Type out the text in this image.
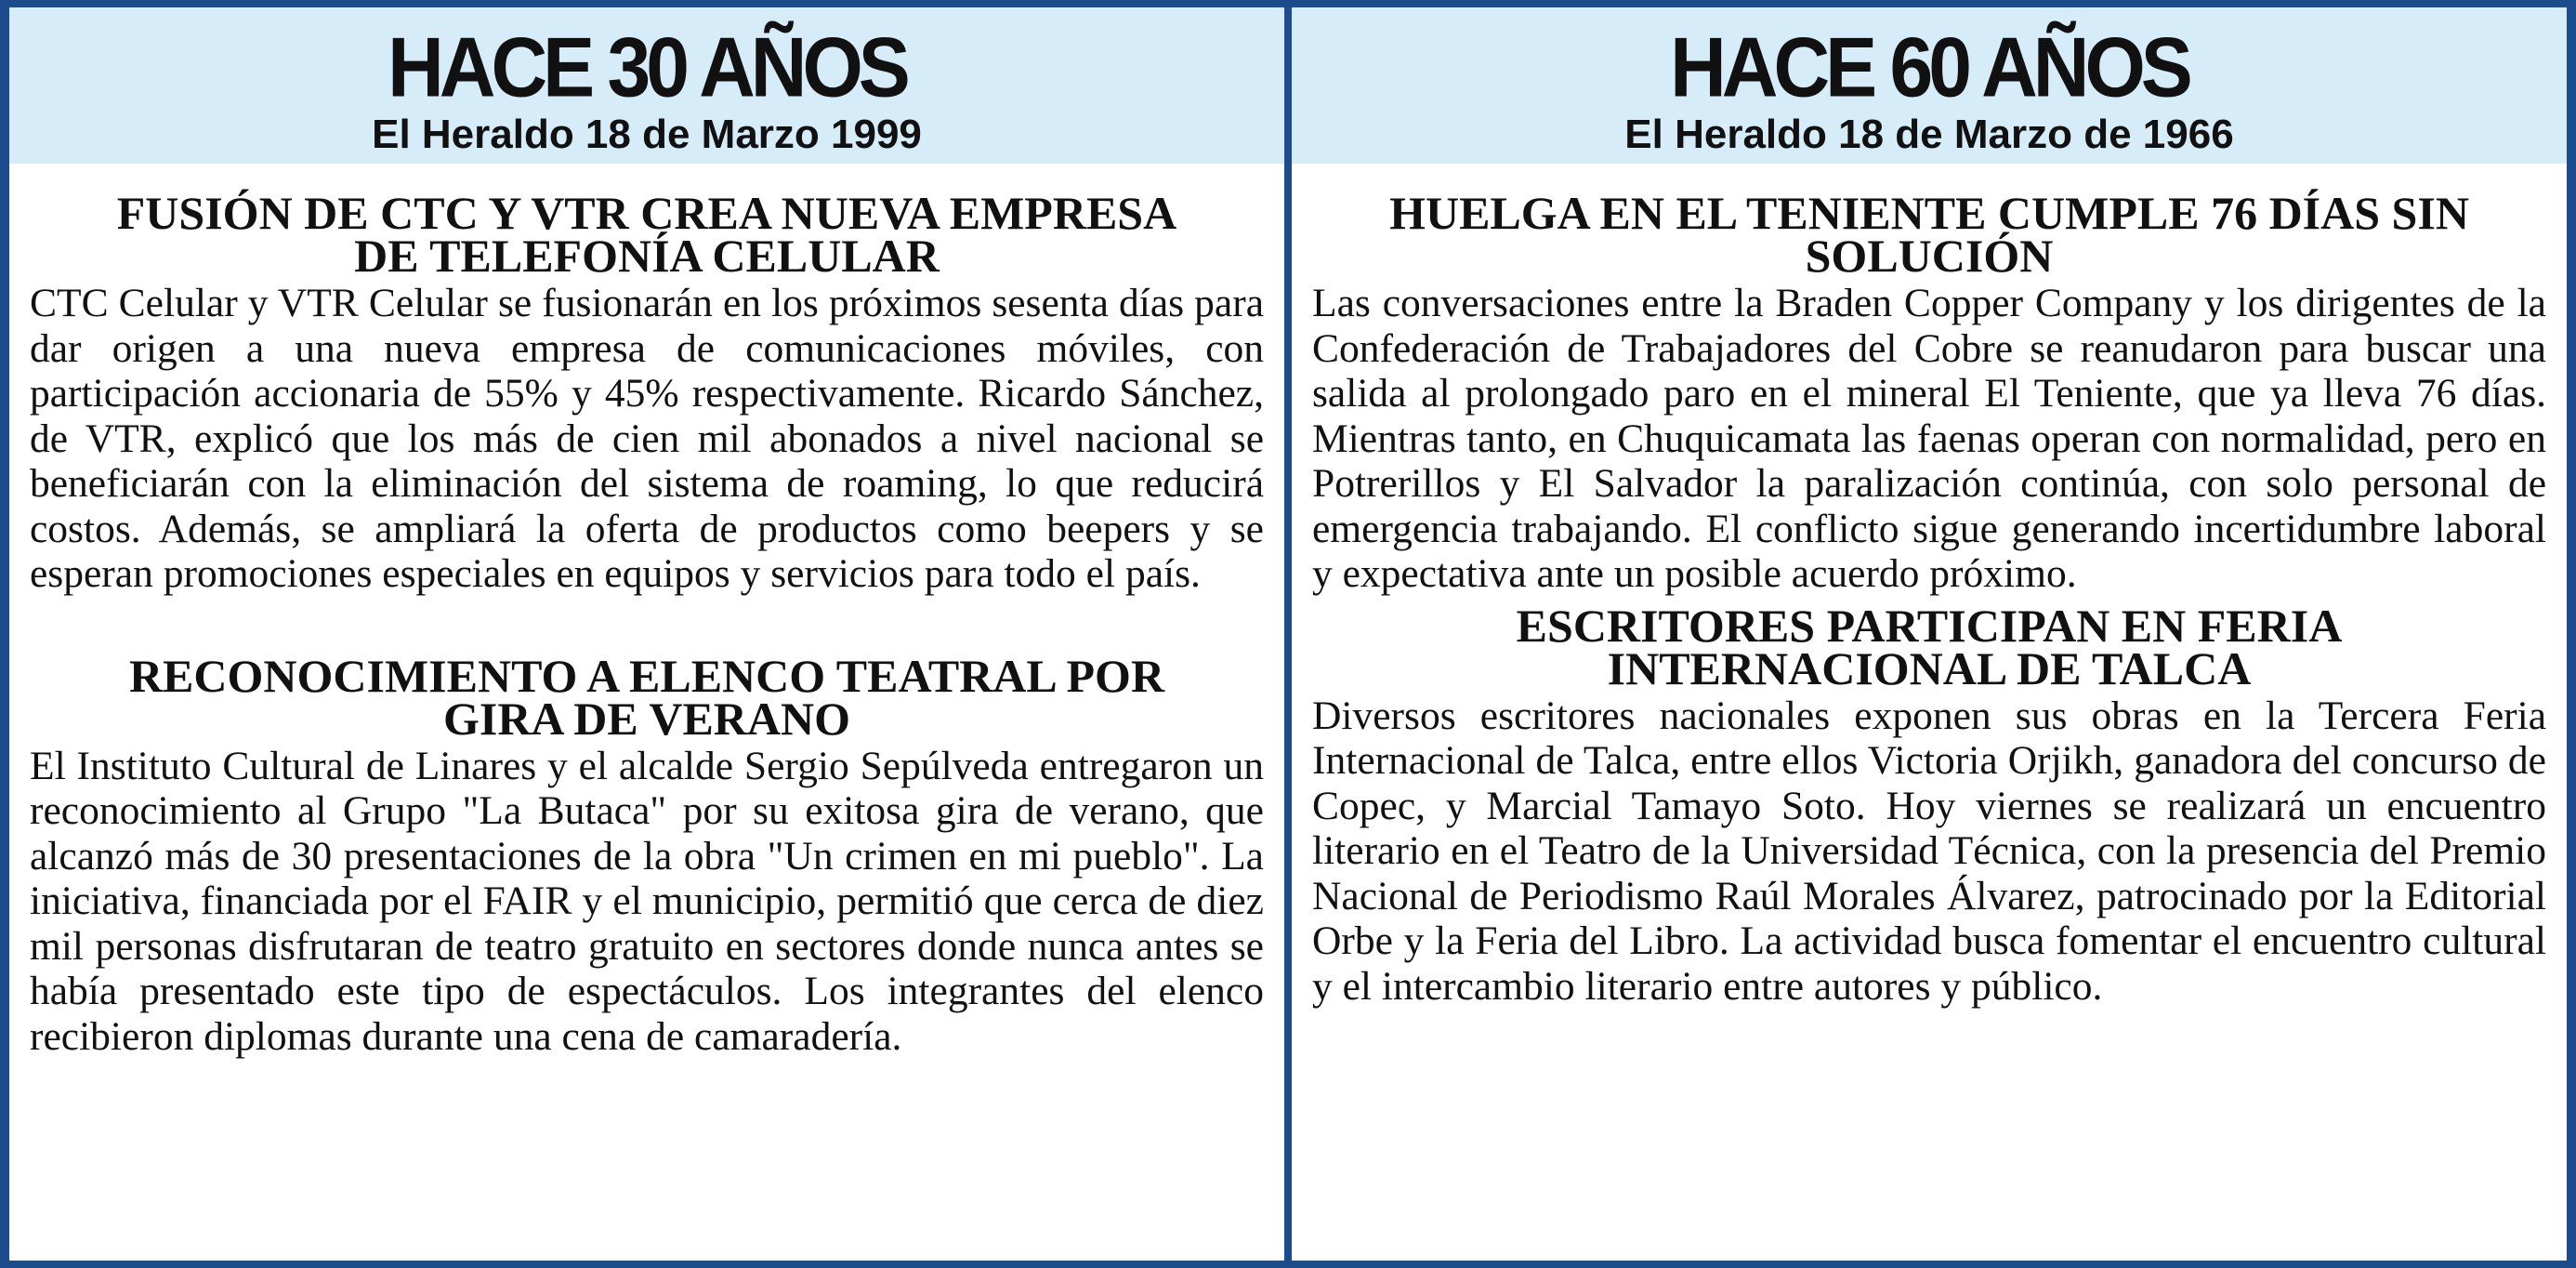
HACE 30 AÑOS
El Heraldo 18 de Marzo 1999
FUSIÓN DE CTC Y VTR CREA NUEVA EMPRESA DE TELEFONÍA CELULAR

CTC Celular y VTR Celular se fusionarán en los próximos sesenta días para dar origen a una nueva empresa de comunicaciones móviles, con participación accionaria de 55% y 45% respectivamente. Ricardo Sánchez, de VTR, explicó que los más de cien mil abonados a nivel nacional se beneficiarán con la eliminación del sistema de roaming, lo que reducirá costos. Además, se ampliará la oferta de productos como beepers y se esperan promociones especiales en equipos y servicios para todo el país.

RECONOCIMIENTO A ELENCO TEATRAL POR GIRA DE VERANO

El Instituto Cultural de Linares y el alcalde Sergio Sepúlveda entregaron un reconocimiento al Grupo "La Butaca" por su exitosa gira de verano, que alcanzó más de 30 presentaciones de la obra "Un crimen en mi pueblo". La iniciativa, financiada por el FAIR y el municipio, permitió que cerca de diez mil personas disfrutaran de teatro gratuito en sectores donde nunca antes se había presentado este tipo de espectáculos. Los integrantes del elenco recibieron diplomas durante una cena de camaradería.

HACE 60 AÑOS
El Heraldo 18 de Marzo de 1966
HUELGA EN EL TENIENTE CUMPLE 76 DÍAS SIN SOLUCIÓN

Las conversaciones entre la Braden Copper Company y los dirigentes de la Confederación de Trabajadores del Cobre se reanudaron para buscar una salida al prolongado paro en el mineral El Teniente, que ya lleva 76 días. Mientras tanto, en Chuquicamata las faenas operan con normalidad, pero en Potrerillos y El Salvador la paralización continúa, con solo personal de emergencia trabajando. El conflicto sigue generando incertidumbre laboral y expectativa ante un posible acuerdo próximo.

ESCRITORES PARTICIPAN EN FERIA INTERNACIONAL DE TALCA

Diversos escritores nacionales exponen sus obras en la Tercera Feria Internacional de Talca, entre ellos Victoria Orjikh, ganadora del concurso de Copec, y Marcial Tamayo Soto. Hoy viernes se realizará un encuentro literario en el Teatro de la Universidad Técnica, con la presencia del Premio Nacional de Periodismo Raúl Morales Álvarez, patrocinado por la Editorial Orbe y la Feria del Libro. La actividad busca fomentar el encuentro cultural y el intercambio literario entre autores y público.
